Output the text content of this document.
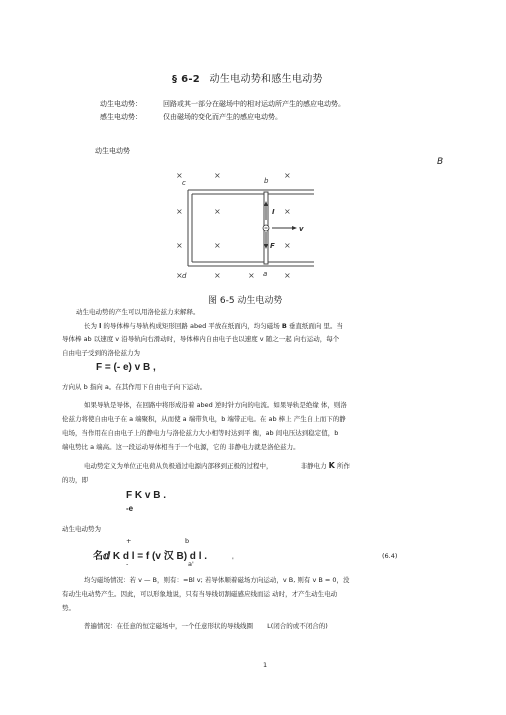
§ 6-2 动生电动势和感生电动势
动生电动势：	回路或其一部分在磁场中的相对运动所产生的感应电动势。
感生电动势：	仅由磁场的变化而产生的感应电动势。
动生电动势
B
×	×	×
×	×	×
×	×	×
×	×	×	×
c	b
d	a
I
v
F
图 6-5 动生电动势
动生电动势的产生可以用洛伦兹力来解释。
长为 l 的导体棒与导轨构成矩形回路 abed 平放在纸面内，均匀磁场 B 垂直纸面向 里。当
导体棒 ab 以速度 v 沿导轨向右滑动时，导体棒内自由电子也以速度 v 随之一起 向右运动，每个
自由电子受到的洛伦兹力为
F = (- e) v B ,
方向从 b 指向 a。在其作用下自由电子向下运动。
如果导轨是导体，在回路中将形成沿着 abed 逆时针方向的电流。如果导轨是绝缘 体，则洛
伦兹力将使自由电子在 a 端聚积，从而使 a 端带负电，b 端带正电。在 ab 棒上 产生自上而下的静
电场，当作用在自由电子上的静电力与洛伦兹力大小相等时达到平 衡，ab 间电压达到稳定值，b
端电势比 a 端高。这一段运动导体相当于一个电源，它的 非静电力就是洛伦兹力。
电动势定义为单位正电荷从负极通过电源内部移到正极的过程中，	非静电力 K 所作
的功，即
F K v B .
-e
动生电动势为
+	b
名ⅆ K d l = f (v 汉 B) d l .
-	a'	'	(6.4)
均匀磁场情况：若 v — B，则有：=Bl v; 若导体顺着磁场方向运动，v B, 则有 v B = 0，没
有动生电动势产生。因此，可以形象地说，只有当导线切割磁感应线而运 动时，才产生动生电动
势。
普遍情况：在任意的恒定磁场中，一个任意形状的导线线圈 L(闭合的或不闭合的)
1
